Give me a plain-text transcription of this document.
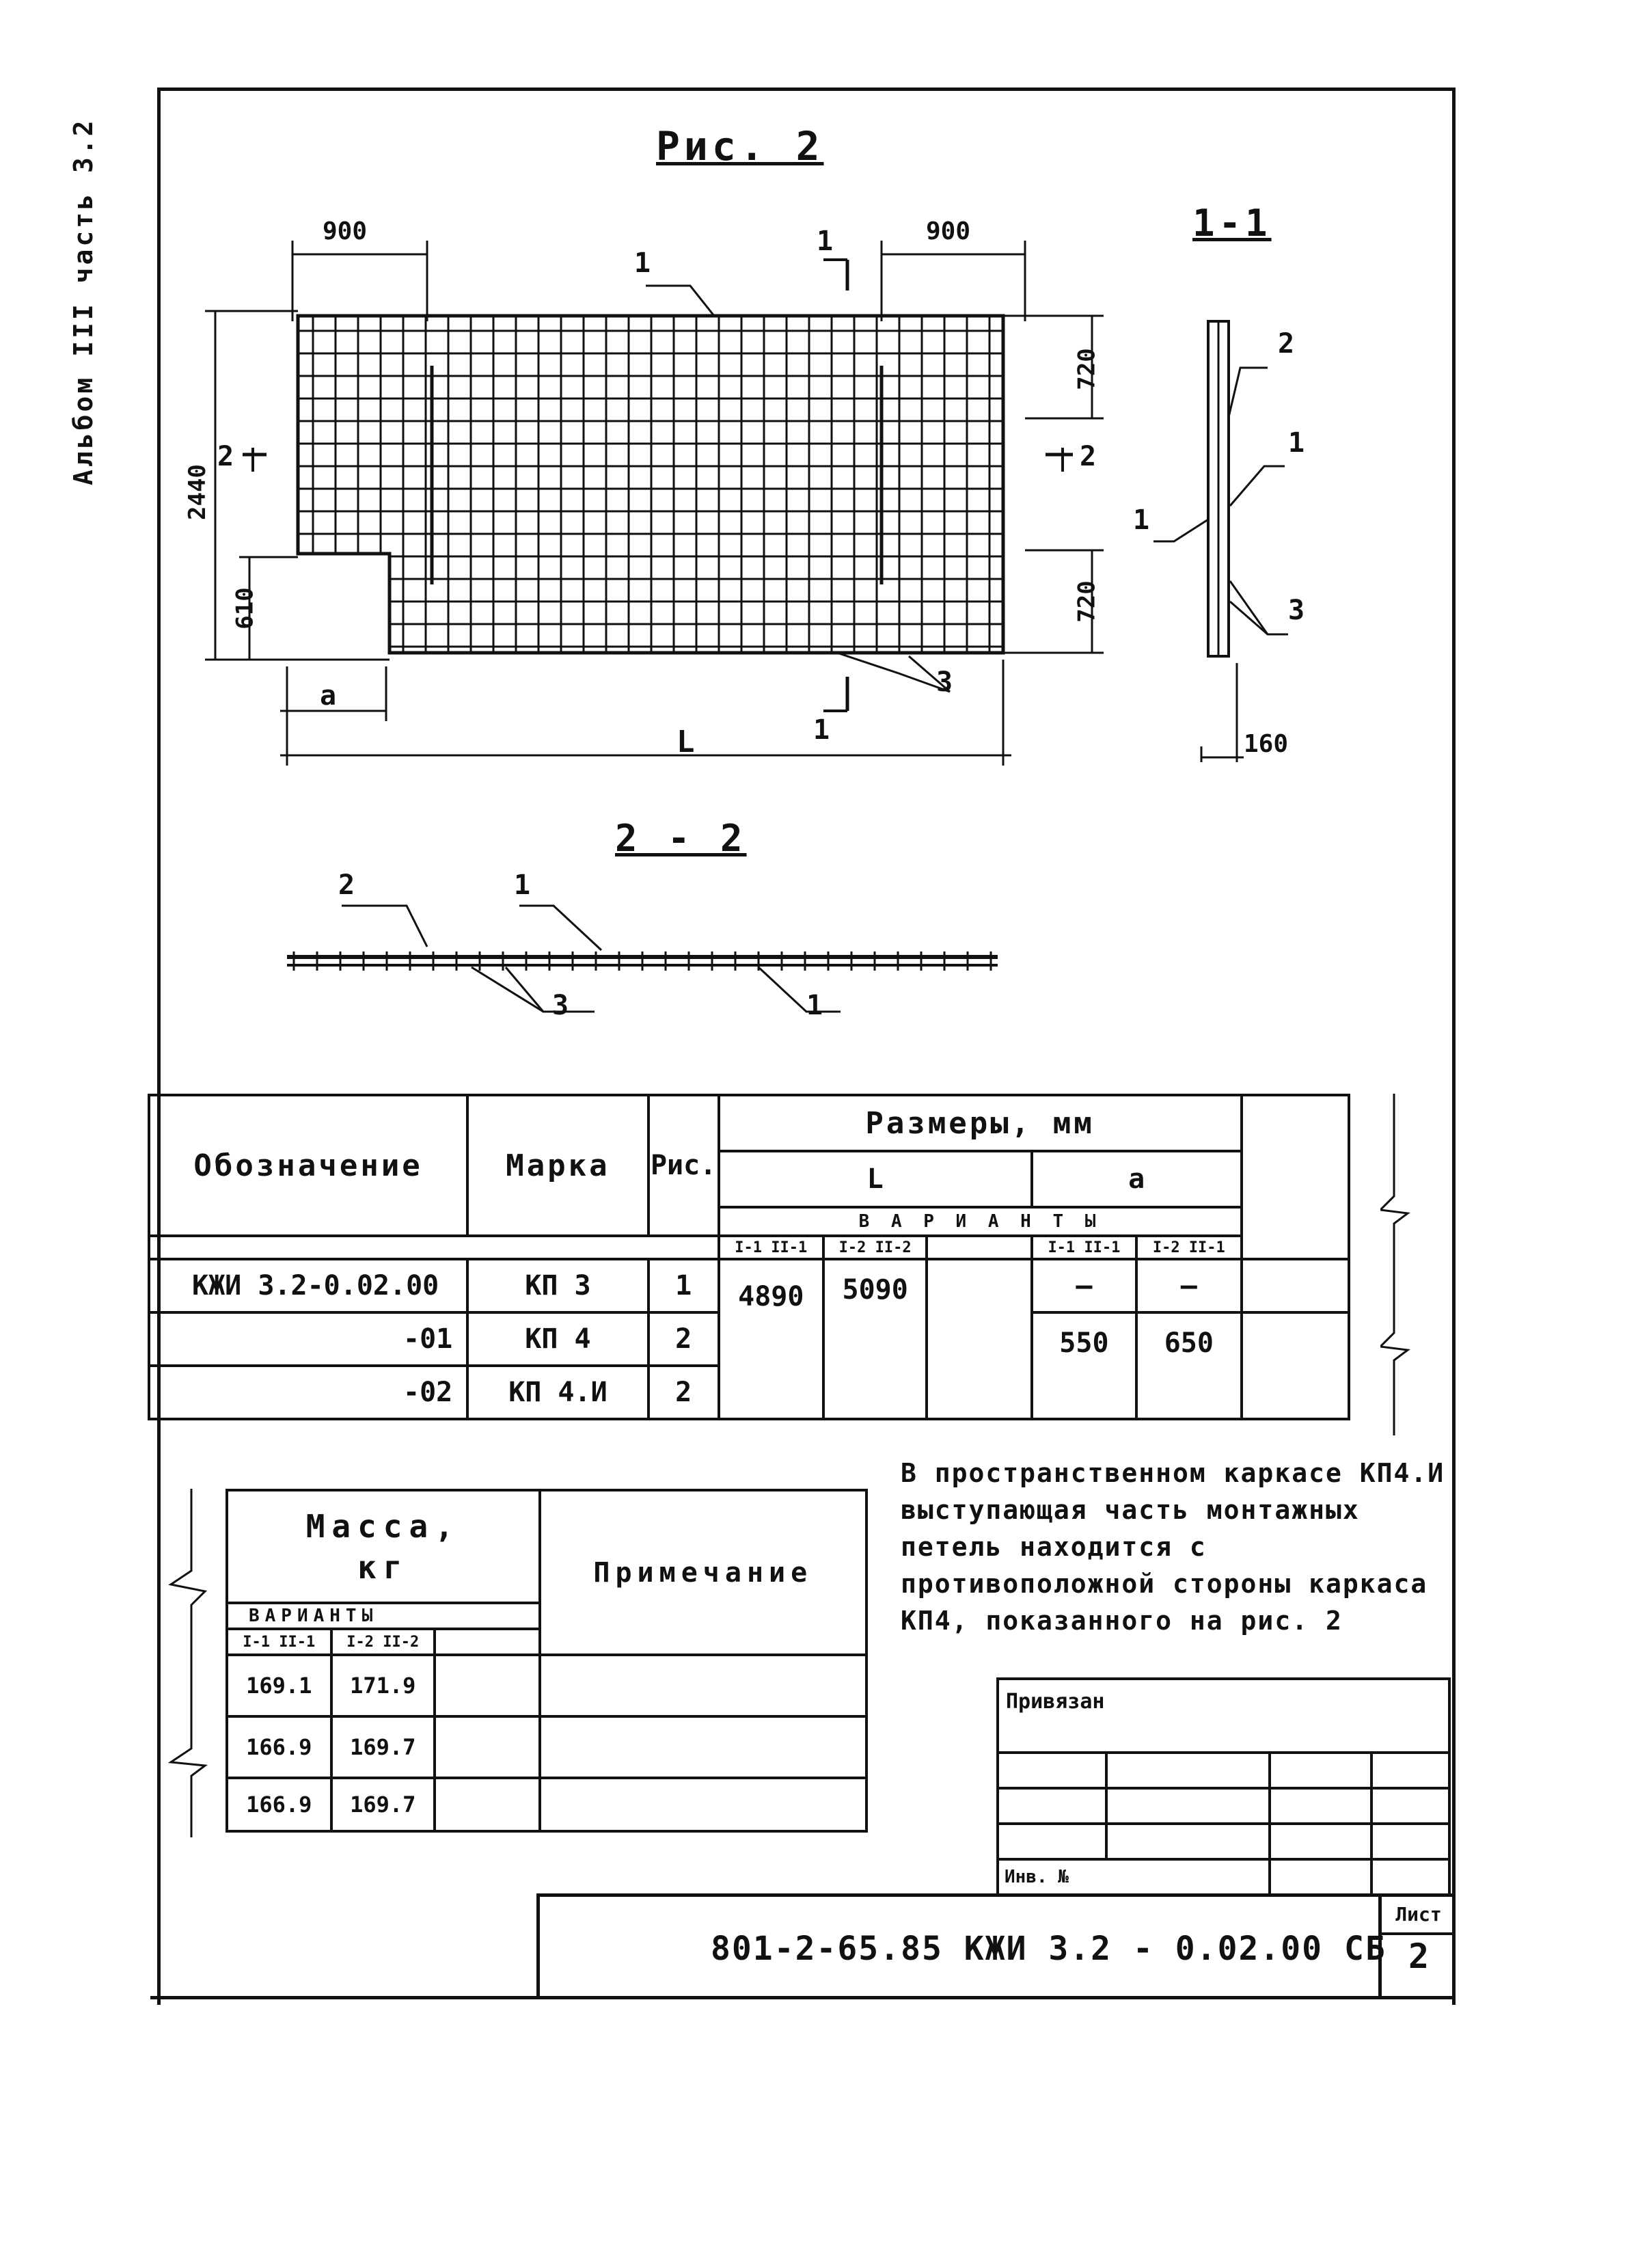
Альбом III часть 3.2	Рис. 2
1-1
2 - 2
900	900
2440
610
720
720
а
L
1
1
2	2
1
3
2
1
1
3
160
2	1
3	1
Обозначение	Марка	Рис.	Размеры, мм					
			L			а		
			В А Р И А Н Т Ы					
			I-1 II-1	I-2 II-2		I-1 II-1	I-2 II-1	
КЖИ 3.2-0.02.00	КП 3	1	4890	5090		—	—	
-01	КП 4	2				550	650	
-02	КП 4.И	2						
Масса,
кг			Примечание
ВАРИАНТЫ			
I-1 II-1	I-2 II-2		
169.1	171.9		
166.9	169.7		
166.9	169.7		
В пространственном каркасе КП4.И выступающая часть монтажных петель находится с противоположной стороны каркаса КП4, показанного на рис. 2
Привязан			

Инв. №			
801-2-65.85 КЖИ 3.2 - 0.02.00 СБ
Лист
2
